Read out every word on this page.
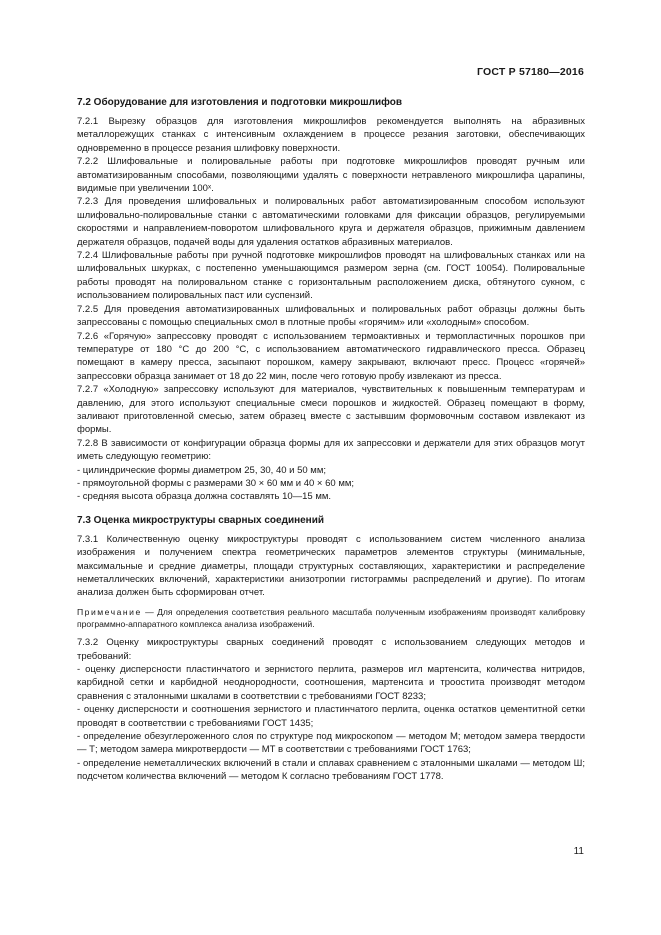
ГОСТ Р 57180—2016
7.2 Оборудование для изготовления и подготовки микрошлифов

7.2.1 Вырезку образцов для изготовления микрошлифов рекомендуется выполнять на абразивных металлорежущих станках с интенсивным охлаждением в процессе резания заготовки, обеспечивающих одновременно в процессе резания шлифовку поверхности.

7.2.2 Шлифовальные и полировальные работы при подготовке микрошлифов проводят ручным или автоматизированным способами, позволяющими удалять с поверхности нетравленого микрошлифа царапины, видимые при увеличении 100ˣ.

7.2.3 Для проведения шлифовальных и полировальных работ автоматизированным способом используют шлифовально-полировальные станки с автоматическими головками для фиксации образцов, регулируемыми скоростями и направлением-поворотом шлифовального круга и держателя образцов, прижимным давлением держателя образцов, подачей воды для удаления остатков абразивных материалов.

7.2.4 Шлифовальные работы при ручной подготовке микрошлифов проводят на шлифовальных станках или на шлифовальных шкурках, с постепенно уменьшающимся размером зерна (см. ГОСТ 10054). Полировальные работы проводят на полировальном станке с горизонтальным расположением диска, обтянутого сукном, с использованием полировальных паст или суспензий.

7.2.5 Для проведения автоматизированных шлифовальных и полировальных работ образцы должны быть запрессованы с помощью специальных смол в плотные пробы «горячим» или «холодным» способом.

7.2.6 «Горячую» запрессовку проводят с использованием термоактивных и термопластичных порошков при температуре от 180 °C до 200 °C, с использованием автоматического гидравлического пресса. Образец помещают в камеру пресса, засыпают порошком, камеру закрывают, включают пресс. Процесс «горячей» запрессовки образца занимает от 18 до 22 мин, после чего готовую пробу извлекают из пресса.

7.2.7 «Холодную» запрессовку используют для материалов, чувствительных к повышенным температурам и давлению, для этого используют специальные смеси порошков и жидкостей. Образец помещают в форму, заливают приготовленной смесью, затем образец вместе с застывшим формовочным составом извлекают из формы.

7.2.8 В зависимости от конфигурации образца формы для их запрессовки и держатели для этих образцов могут иметь следующую геометрию:

- цилиндрические формы диаметром 25, 30, 40 и 50 мм;

- прямоугольной формы с размерами 30 × 60 мм и 40 × 60 мм;

- средняя высота образца должна составлять 10—15 мм.

7.3 Оценка микроструктуры сварных соединений

7.3.1 Количественную оценку микроструктуры проводят с использованием систем численного анализа изображения и получением спектра геометрических параметров элементов структуры (минимальные, максимальные и средние диаметры, площади структурных составляющих, характеристики и распределение неметаллических включений, характеристики анизотропии гистограммы распределений и другие). По итогам анализа должен быть сформирован отчет.

Примечание — Для определения соответствия реального масштаба полученным изображениям производят калибровку программно-аппаратного комплекса анализа изображений.

7.3.2 Оценку микроструктуры сварных соединений проводят с использованием следующих методов и требований:

- оценку дисперсности пластинчатого и зернистого перлита, размеров игл мартенсита, количества нитридов, карбидной сетки и карбидной неоднородности, соотношения, мартенсита и троостита производят методом сравнения с эталонными шкалами в соответствии с требованиями ГОСТ 8233;

- оценку дисперсности и соотношения зернистого и пластинчатого перлита, оценка остатков цементитной сетки проводят в соответствии с требованиями ГОСТ 1435;

- определение обезуглероженного слоя по структуре под микроскопом — методом М; методом замера твердости — Т; методом замера микротвердости — МТ в соответствии с требованиями ГОСТ 1763;

- определение неметаллических включений в стали и сплавах сравнением с эталонными шкалами — методом Ш; подсчетом количества включений — методом К согласно требованиям ГОСТ 1778.

11
